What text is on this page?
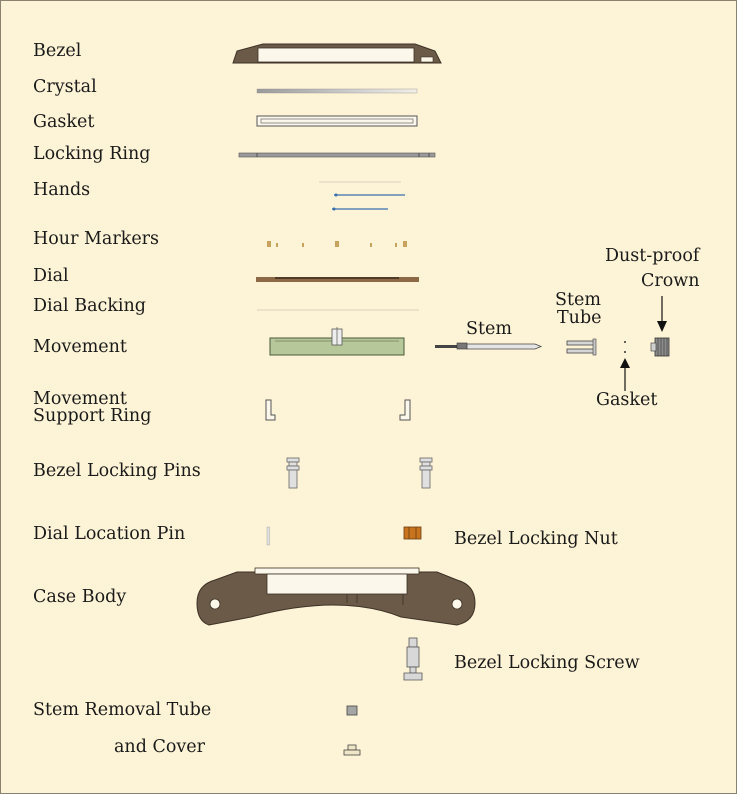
Bezel
Crystal
Gasket
Locking Ring
Hands
Hour Markers
Dial
Dial Backing
Movement
Movement
Support Ring
Bezel Locking Pins
Dial Location Pin
Case Body
Stem Removal Tube
and Cover
Stem
Stem
Tube
Gasket
Dust-proof
Crown
Bezel Locking Nut
Bezel Locking Screw
